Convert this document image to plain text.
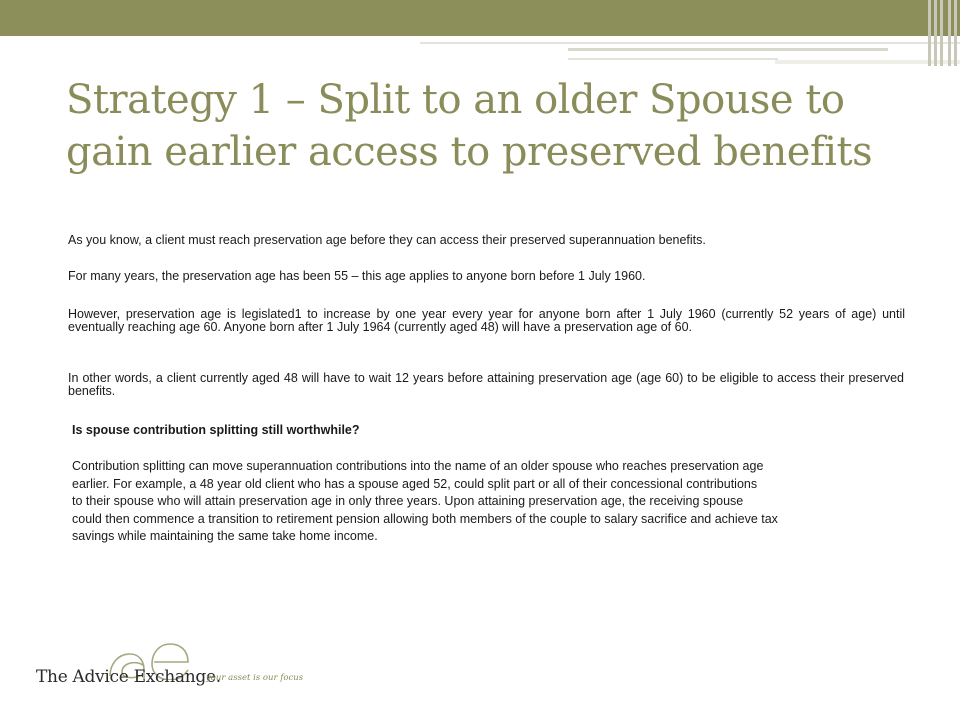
Strategy 1 – Split to an older Spouse to
gain earlier access to preserved benefits

As you know, a client must reach preservation age before they can access their preserved superannuation benefits.

For many years, the preservation age has been 55 – this age applies to anyone born before 1 July 1960.

However, preservation age is legislated1 to increase by one year every year for anyone born after 1 July 1960 (currently 52 years of age) until eventually reaching age 60. Anyone born after 1 July 1964 (currently aged 48) will have a preservation age of 60.

In other words, a client currently aged 48 will have to wait 12 years before attaining preservation age (age 60) to be eligible to access their preserved benefits.

Is spouse contribution splitting still worthwhile?

Contribution splitting can move superannuation contributions into the name of an older spouse who reaches preservation age
earlier. For example, a 48 year old client who has a spouse aged 52, could split part or all of their concessional contributions
to their spouse who will attain preservation age in only three years. Upon attaining preservation age, the receiving spouse
could then commence a transition to retirement pension allowing both members of the couple to salary sacrifice and achieve tax
savings while maintaining the same take home income.
The Advice Exchange.
your asset is our focus
